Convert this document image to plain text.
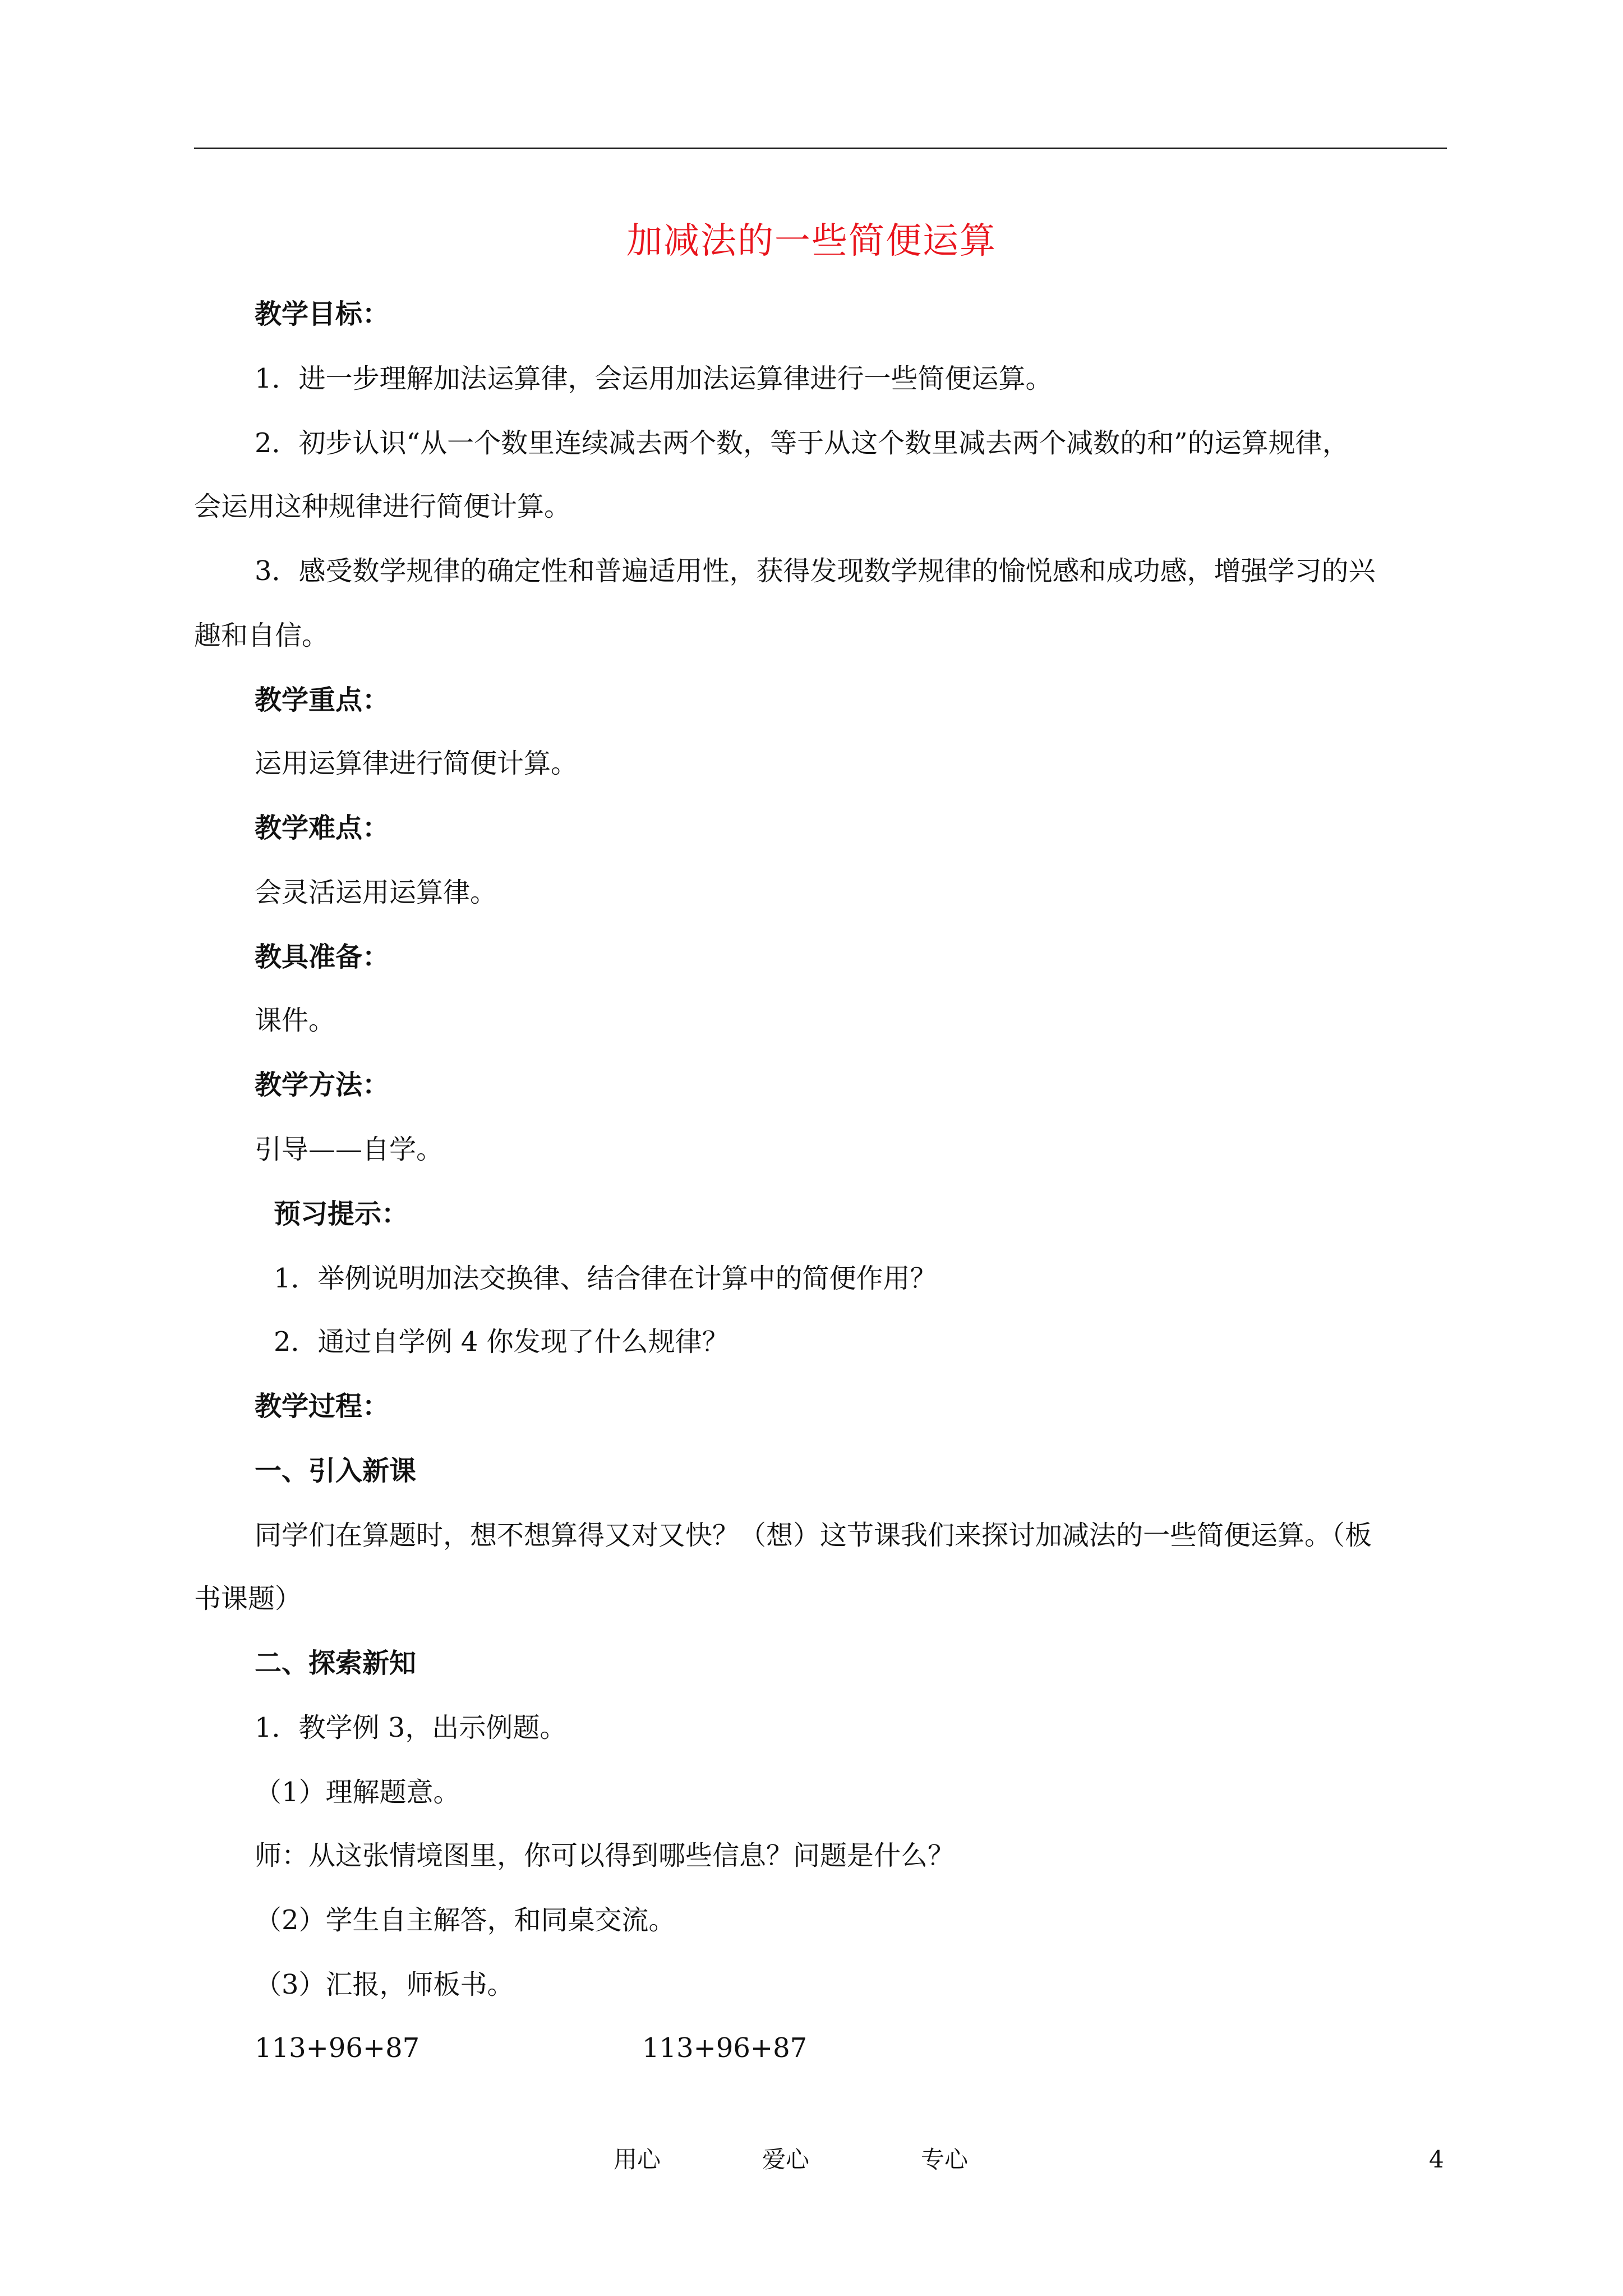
加减法的一些简便运算
教学目标：
1．进一步理解加法运算律，会运用加法运算律进行一些简便运算。
2．初步认识“从一个数里连续减去两个数，等于从这个数里减去两个减数的和”的运算规律，
会运用这种规律进行简便计算。
3．感受数学规律的确定性和普遍适用性，获得发现数学规律的愉悦感和成功感，增强学习的兴
趣和自信。
教学重点：
运用运算律进行简便计算。
教学难点：
会灵活运用运算律。
教具准备：
课件。
教学方法：
引导——自学。
预习提示：
1．举例说明加法交换律、结合律在计算中的简便作用？
2．通过自学例 4 你发现了什么规律？
教学过程：
一、引入新课
同学们在算题时，想不想算得又对又快？（想）这节课我们来探讨加减法的一些简便运算。（板
书课题）
二、探索新知
1．教学例 3，出示例题。
（1）理解题意。
师：从这张情境图里，你可以得到哪些信息？问题是什么？
（2）学生自主解答，和同桌交流。
（3）汇报，师板书。
113+96+87	113+96+87
用心	爱心	专心	4
